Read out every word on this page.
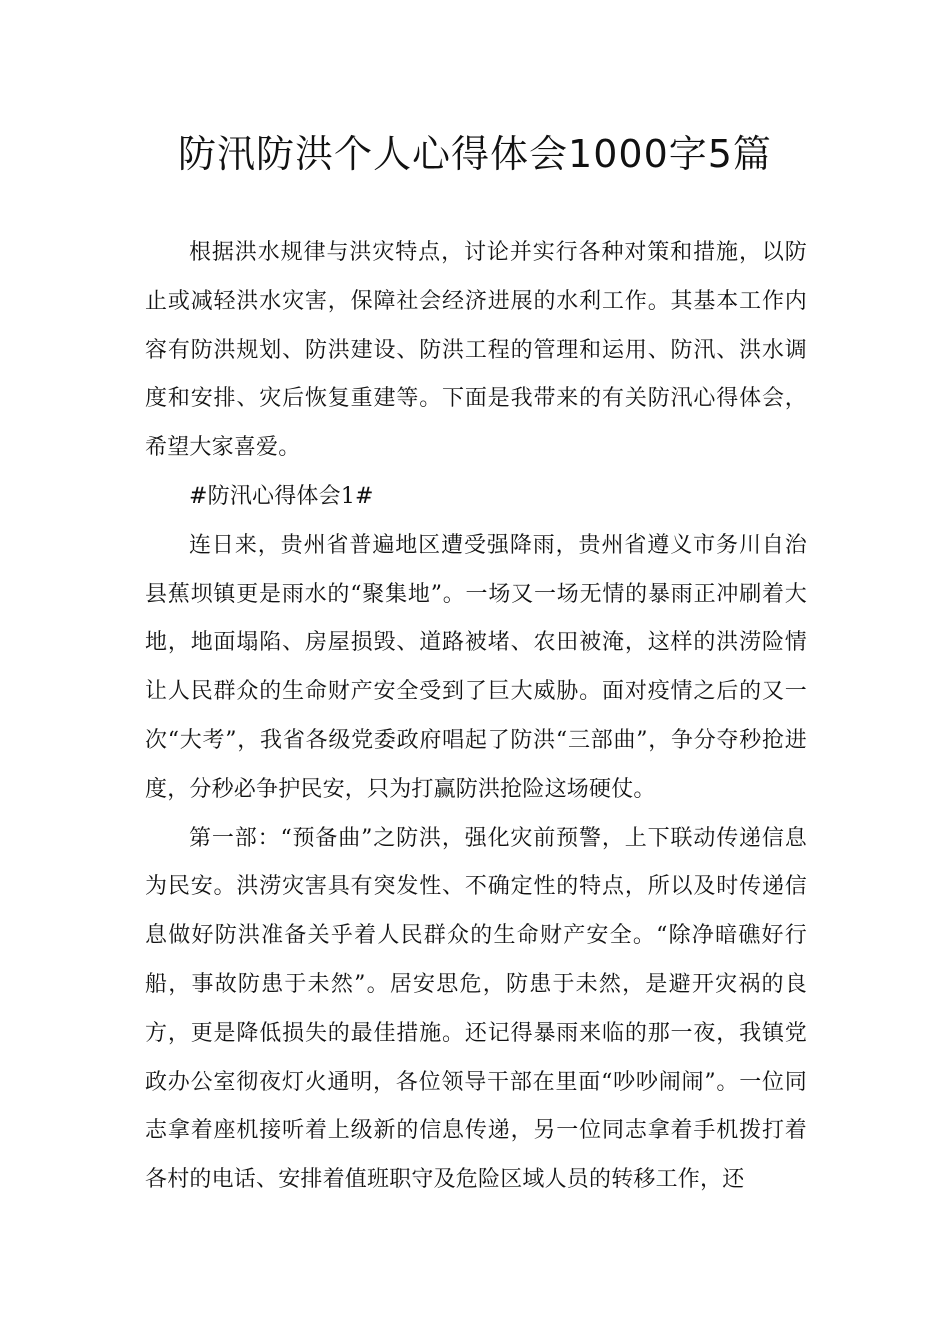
防汛防洪个人心得体会1000字5篇

根据洪水规律与洪灾特点，讨论并实行各种对策和措施，以防止或减轻洪水灾害，保障社会经济进展的水利工作。其基本工作内容有防洪规划、防洪建设、防洪工程的管理和运用、防汛、洪水调度和安排、灾后恢复重建等。下面是我带来的有关防汛心得体会，希望大家喜爱。

#防汛心得体会1#

连日来，贵州省普遍地区遭受强降雨，贵州省遵义市务川自治县蕉坝镇更是雨水的“聚集地”。一场又一场无情的暴雨正冲刷着大地，地面塌陷、房屋损毁、道路被堵、农田被淹，这样的洪涝险情让人民群众的生命财产安全受到了巨大威胁。面对疫情之后的又一次“大考”，我省各级党委政府唱起了防洪“三部曲”，争分夺秒抢进度，分秒必争护民安，只为打赢防洪抢险这场硬仗。

第一部：“预备曲”之防洪，强化灾前预警，上下联动传递信息为民安。洪涝灾害具有突发性、不确定性的特点，所以及时传递信息做好防洪准备关乎着人民群众的生命财产安全。“除净暗礁好行船，事故防患于未然”。居安思危，防患于未然，是避开灾祸的良方，更是降低损失的最佳措施。还记得暴雨来临的那一夜，我镇党政办公室彻夜灯火通明，各位领导干部在里面“吵吵闹闹”。一位同志拿着座机接听着上级新的信息传递，另一位同志拿着手机拨打着各村的电话、安排着值班职守及危险区域人员的转移工作，还
